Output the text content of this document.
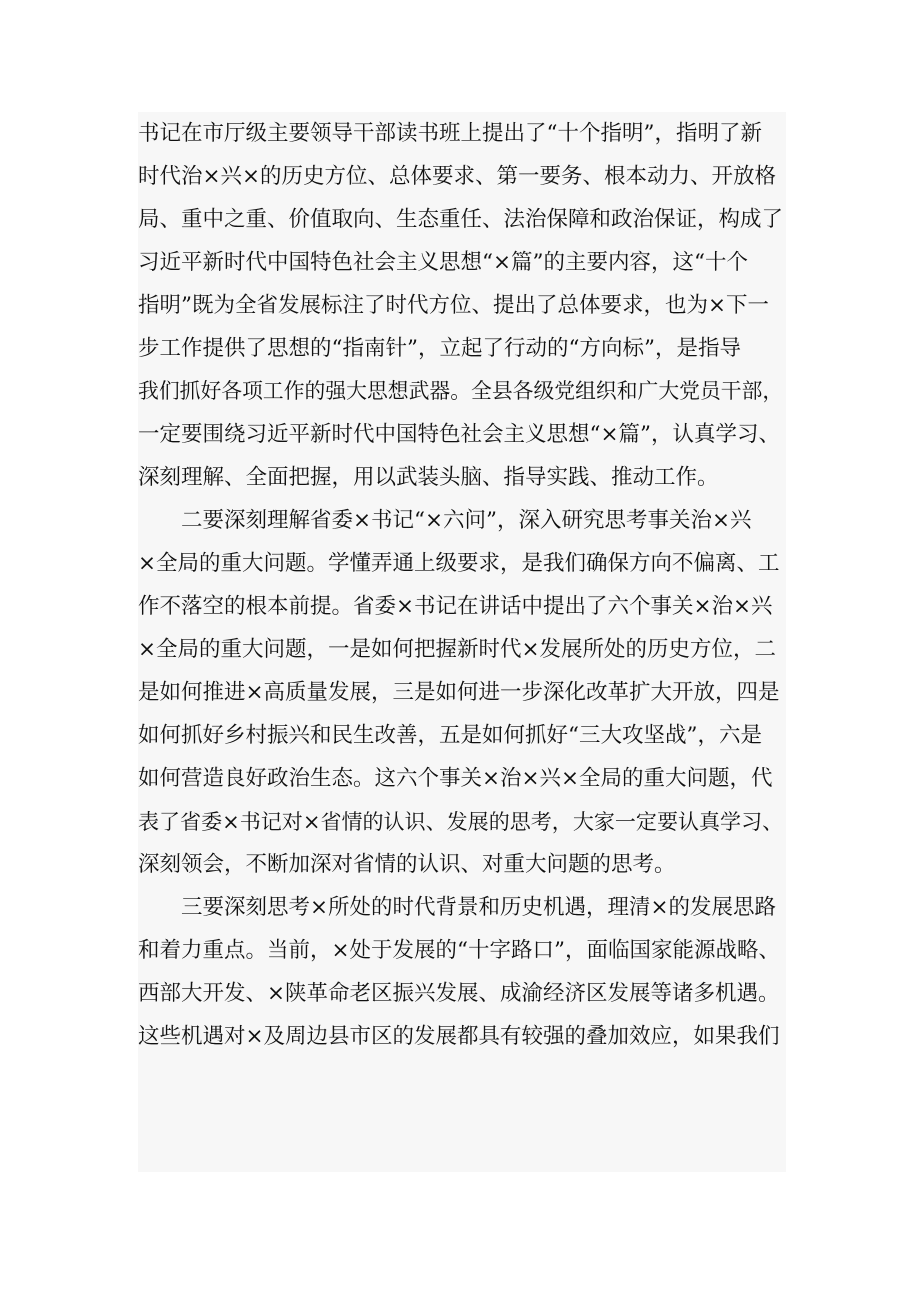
书记在市厅级主要领导干部读书班上提出了“十个指明”，指明了新
时代治×兴×的历史方位、总体要求、第一要务、根本动力、开放格
局、重中之重、价值取向、生态重任、法治保障和政治保证，构成了
习近平新时代中国特色社会主义思想“×篇”的主要内容，这“十个
指明”既为全省发展标注了时代方位、提出了总体要求，也为×下一
步工作提供了思想的“指南针”，立起了行动的“方向标”，是指导
我们抓好各项工作的强大思想武器。全县各级党组织和广大党员干部，
一定要围绕习近平新时代中国特色社会主义思想“×篇”，认真学习、
深刻理解、全面把握，用以武装头脑、指导实践、推动工作。
二要深刻理解省委×书记“×六问”，深入研究思考事关治×兴
×全局的重大问题。学懂弄通上级要求，是我们确保方向不偏离、工
作不落空的根本前提。省委×书记在讲话中提出了六个事关×治×兴
×全局的重大问题，一是如何把握新时代×发展所处的历史方位，二
是如何推进×高质量发展，三是如何进一步深化改革扩大开放，四是
如何抓好乡村振兴和民生改善，五是如何抓好“三大攻坚战”，六是
如何营造良好政治生态。这六个事关×治×兴×全局的重大问题，代
表了省委×书记对×省情的认识、发展的思考，大家一定要认真学习、
深刻领会，不断加深对省情的认识、对重大问题的思考。
三要深刻思考×所处的时代背景和历史机遇，理清×的发展思路
和着力重点。当前，×处于发展的“十字路口”，面临国家能源战略、
西部大开发、×陕革命老区振兴发展、成渝经济区发展等诸多机遇。
这些机遇对×及周边县市区的发展都具有较强的叠加效应，如果我们
